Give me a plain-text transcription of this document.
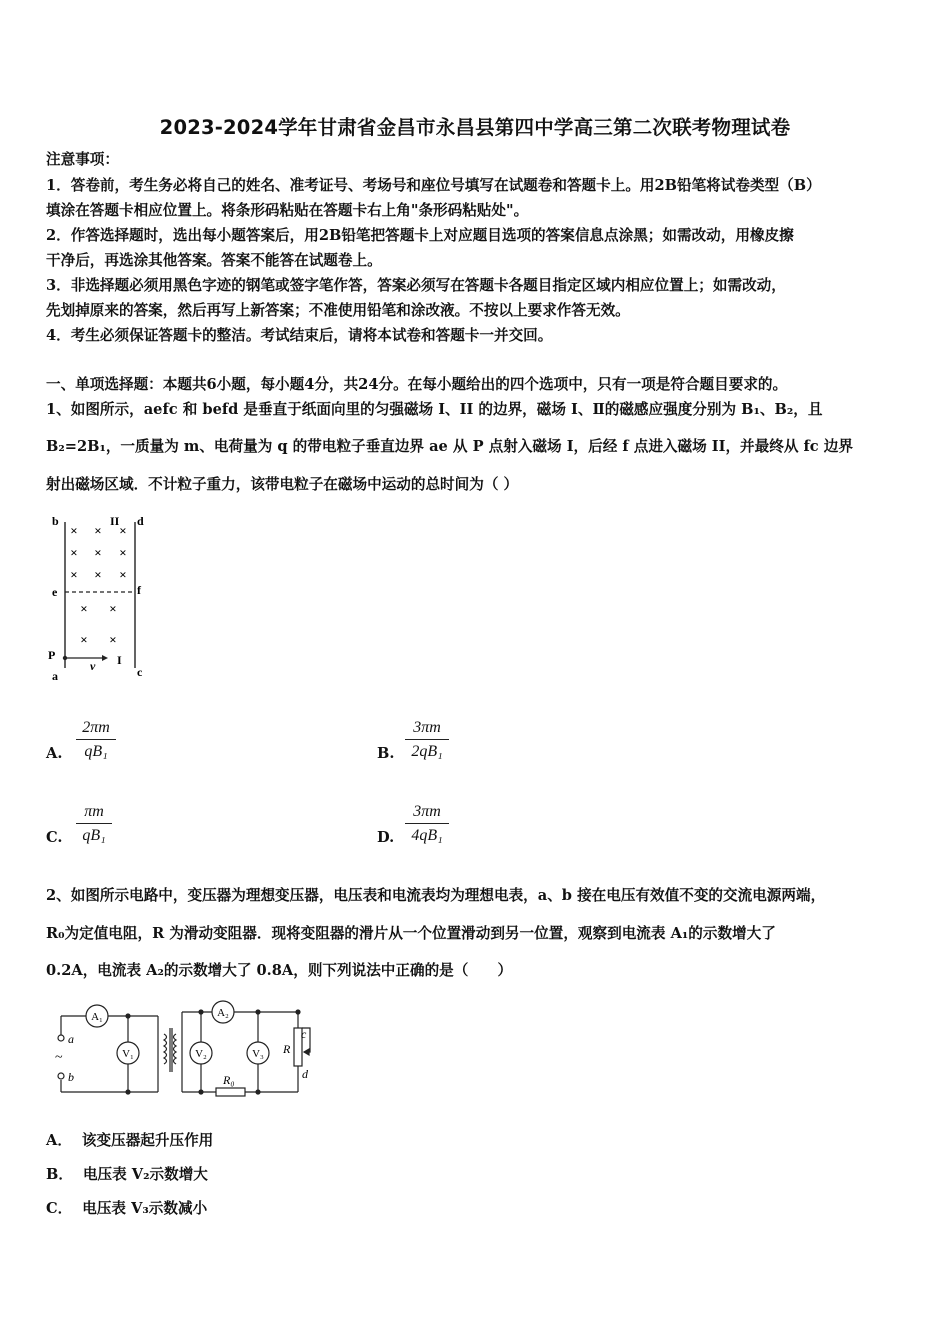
2023-2024学年甘肃省金昌市永昌县第四中学高三第二次联考物理试卷
注意事项：
1．答卷前，考生务必将自己的姓名、准考证号、考场号和座位号填写在试题卷和答题卡上。用2B铅笔将试卷类型（B）
填涂在答题卡相应位置上。将条形码粘贴在答题卡右上角"条形码粘贴处"。
2．作答选择题时，选出每小题答案后，用2B铅笔把答题卡上对应题目选项的答案信息点涂黑；如需改动，用橡皮擦
干净后，再选涂其他答案。答案不能答在试题卷上。
3．非选择题必须用黑色字迹的钢笔或签字笔作答，答案必须写在答题卡各题目指定区域内相应位置上；如需改动，
先划掉原来的答案，然后再写上新答案；不准使用铅笔和涂改液。不按以上要求作答无效。
4．考生必须保证答题卡的整洁。考试结束后，请将本试卷和答题卡一并交回。
一、单项选择题：本题共6小题，每小题4分，共24分。在每小题给出的四个选项中，只有一项是符合题目要求的。
1、如图所示，aefc 和 befd 是垂直于纸面向里的匀强磁场 I、II 的边界，磁场 I、Ⅱ的磁感应强度分别为 B₁、B₂，且
B₂=2B₁，一质量为 m、电荷量为 q 的带电粒子垂直边界 ae 从 P 点射入磁场 I，后经 f 点进入磁场 II，并最终从 fc 边界
射出磁场区域．不计粒子重力，该带电粒子在磁场中运动的总时间为（ ）
b	II d
e	f
P
v I
a	c
× × ×
× × ×
× × ×
× ×
× ×
A.
2πm
qB₁	B.
3πm
2qB₁
C.
πm
qB₁	D.
3πm
4qB₁
2、如图所示电路中，变压器为理想变压器，电压表和电流表均为理想电表，a、b 接在电压有效值不变的交流电源两端，
R₀为定值电阻，R 为滑动变阻器．现将变阻器的滑片从一个位置滑动到另一位置，观察到电流表 A₁的示数增大了
0.2A，电流表 A₂的示数增大了 0.8A，则下列说法中正确的是（　　）
A₁
V₁
A₂
V₂	V₃
a
b
c
d
R
R₀
~
A． 该变压器起升压作用
B． 电压表 V₂示数增大
C． 电压表 V₃示数减小
